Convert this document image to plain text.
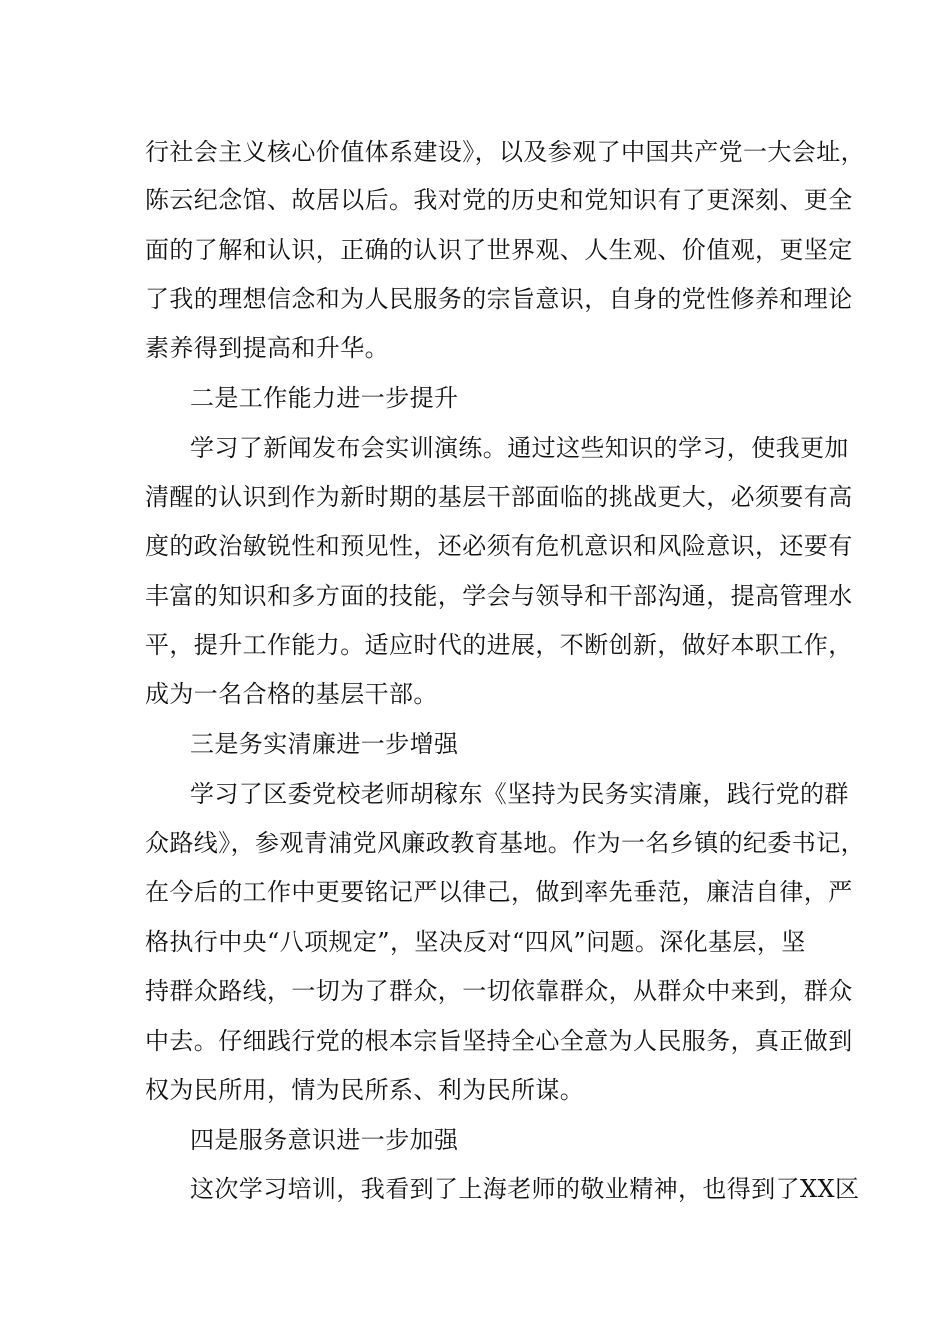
行社会主义核心价值体系建设》，以及参观了中国共产党一大会址，
陈云纪念馆、故居以后。我对党的历史和党知识有了更深刻、更全
面的了解和认识，正确的认识了世界观、人生观、价值观，更坚定
了我的理想信念和为人民服务的宗旨意识，自身的党性修养和理论
素养得到提高和升华。
二是工作能力进一步提升
学习了新闻发布会实训演练。通过这些知识的学习，使我更加
清醒的认识到作为新时期的基层干部面临的挑战更大，必须要有高
度的政治敏锐性和预见性，还必须有危机意识和风险意识，还要有
丰富的知识和多方面的技能，学会与领导和干部沟通，提高管理水
平，提升工作能力。适应时代的进展，不断创新，做好本职工作，
成为一名合格的基层干部。
三是务实清廉进一步增强
学习了区委党校老师胡稼东《坚持为民务实清廉，践行党的群
众路线》，参观青浦党风廉政教育基地。作为一名乡镇的纪委书记，
在今后的工作中更要铭记严以律己，做到率先垂范，廉洁自律，严
格执行中央“八项规定”，坚决反对“四风”问题。深化基层，坚
持群众路线，一切为了群众，一切依靠群众，从群众中来到，群众
中去。仔细践行党的根本宗旨坚持全心全意为人民服务，真正做到
权为民所用，情为民所系、利为民所谋。
四是服务意识进一步加强
这次学习培训，我看到了上海老师的敬业精神，也得到了XX区
